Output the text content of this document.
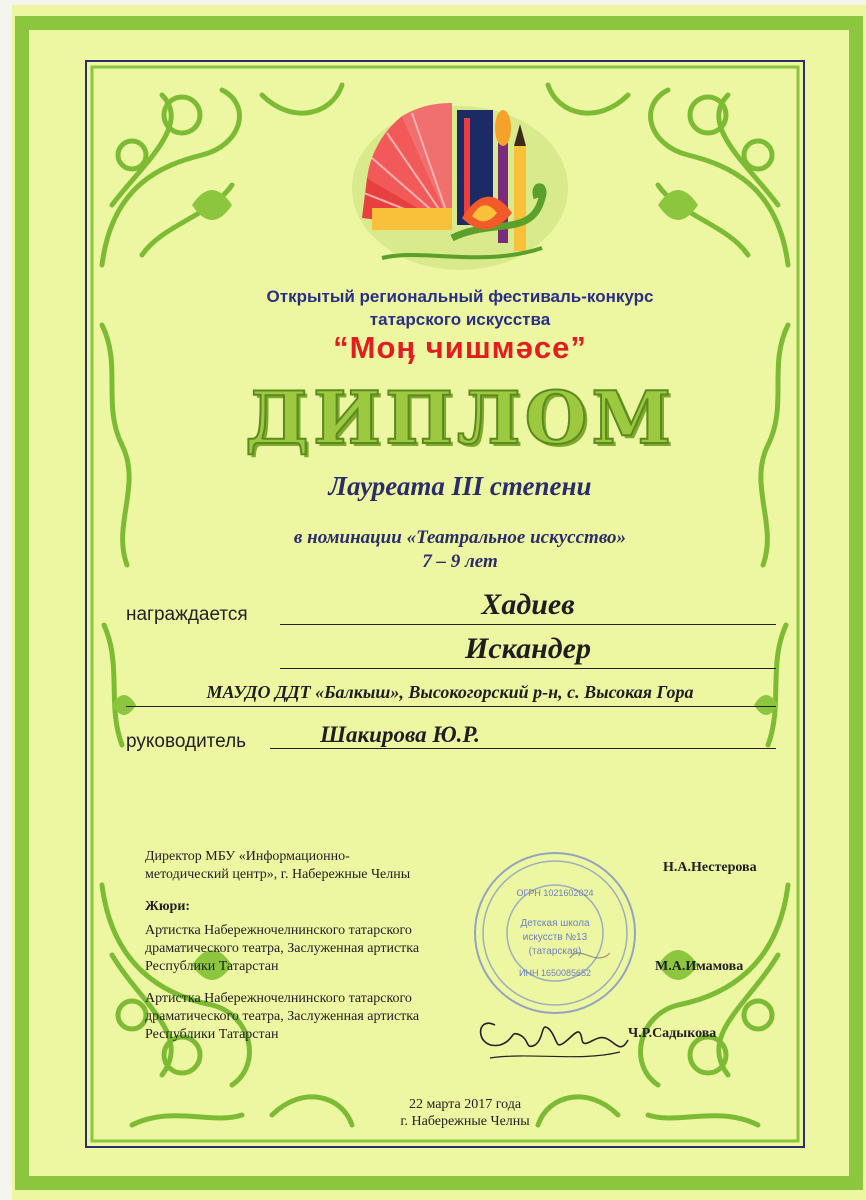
Открытый региональный фестиваль-конкурс
татарского искусства
“Моӊ чишмәсе”
ДИПЛОМ
Лауреата III степени
в номинации «Театральное искусство»
7 – 9 лет
награждается	Хадиев
Искандер
МАУДО ДДТ «Балкыш», Высокогорский р-н, с. Высокая Гора
руководитель	Шакирова Ю.Р.
Директор МБУ «Информационно-
методический центр», г. Набережные Челны	Н.А.Нестерова
Жюри:
Артистка Набережночелнинского татарского
драматического театра, Заслуженная артистка
Республики Татарстан	М.А.Имамова
Артистка Набережночелнинского татарского
драматического театра, Заслуженная артистка
Республики Татарстан	Ч.Р.Садыкова
ОГРН 1021602024
Детская школа
искусств №13
(татарская)
ИНН 1650085652
22 марта 2017 года
г. Набережные Челны
